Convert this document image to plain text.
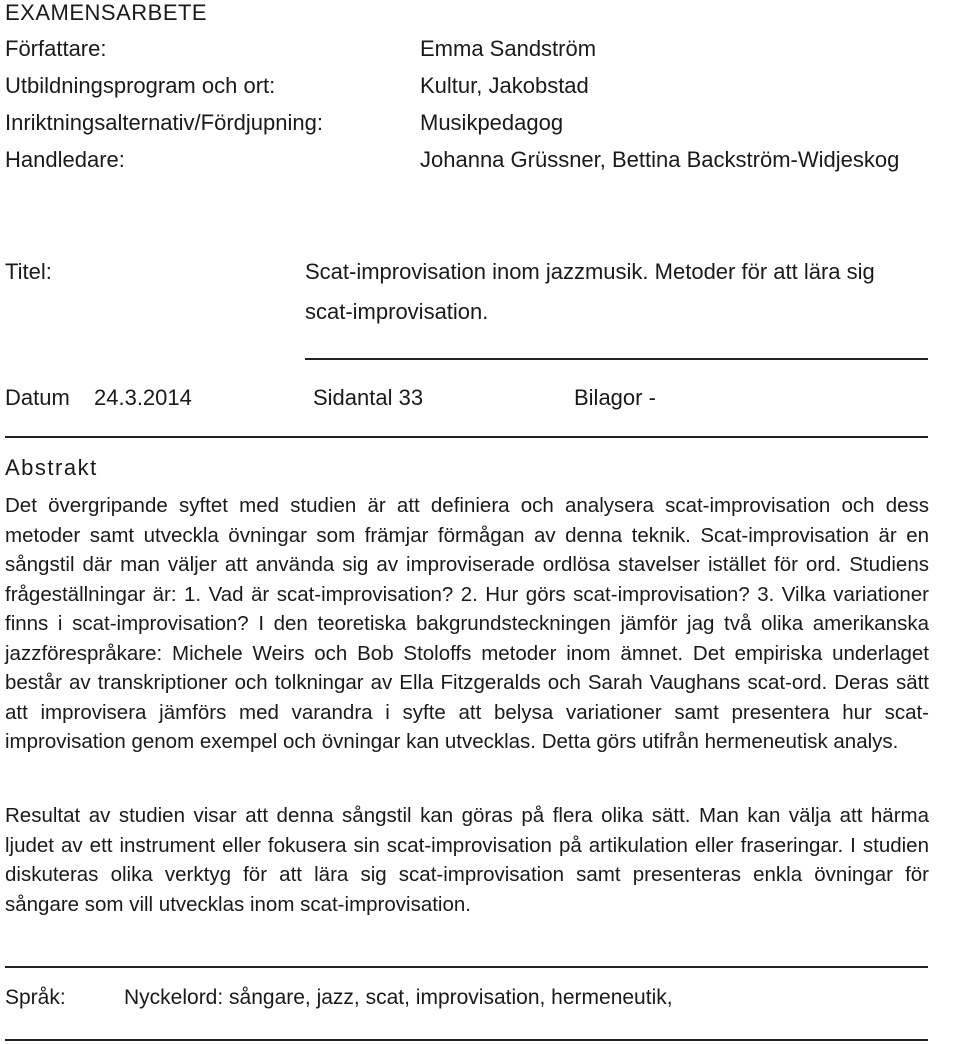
EXAMENSARBETE
Författare:	Emma Sandström
Utbildningsprogram och ort:	Kultur, Jakobstad
Inriktningsalternativ/Fördjupning:	Musikpedagog
Handledare:	Johanna Grüssner, Bettina Backström-Widjeskog
Titel:	Scat-improvisation inom jazzmusik. Metoder för att lära sig
scat-improvisation.
Datum 24.3.2014	Sidantal 33	Bilagor -
Abstrakt

Det övergripande syftet med studien är att definiera och analysera scat-improvisation och dess metoder samt utveckla övningar som främjar förmågan av denna teknik. Scat-improvisation är en sångstil där man väljer att använda sig av improviserade ordlösa stavelser istället för ord. Studiens frågeställningar är: 1. Vad är scat-improvisation? 2. Hur görs scat-improvisation? 3. Vilka variationer finns i scat-improvisation? I den teoretiska bakgrundsteckningen jämför jag två olika amerikanska jazzförespråkare: Michele Weirs och Bob Stoloffs metoder inom ämnet. Det empiriska underlaget består av transkriptioner och tolkningar av Ella Fitzgeralds och Sarah Vaughans scat-ord. Deras sätt att improvisera jämförs med varandra i syfte att belysa variationer samt presentera hur scat-improvisation genom exempel och övningar kan utvecklas. Detta görs utifrån hermeneutisk analys.

Resultat av studien visar att denna sångstil kan göras på flera olika sätt. Man kan välja att härma ljudet av ett instrument eller fokusera sin scat-improvisation på artikulation eller fraseringar. I studien diskuteras olika verktyg för att lära sig scat-improvisation samt presenteras enkla övningar för sångare som vill utvecklas inom scat-improvisation.

Språk:	Nyckelord: sångare, jazz, scat, improvisation, hermeneutik,
